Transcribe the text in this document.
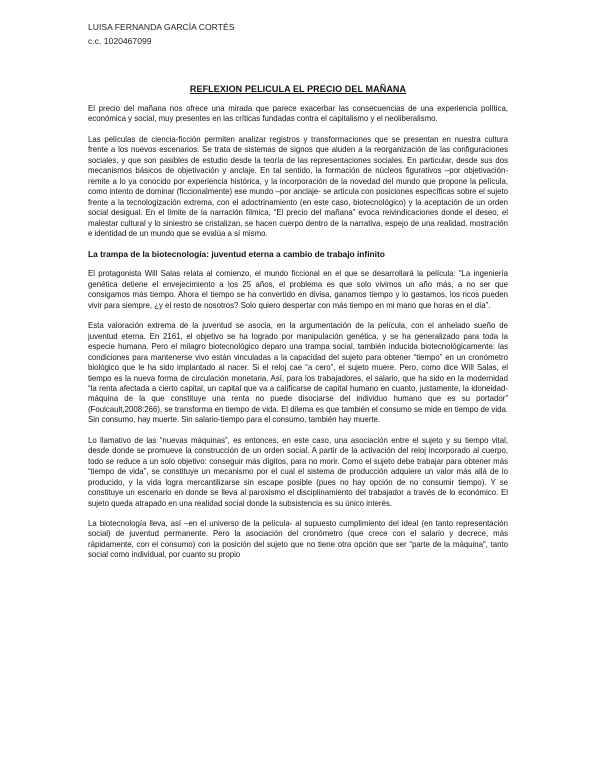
LUISA FERNANDA GARCÍA CORTÉS
c.c. 1020467099
REFLEXION PELICULA EL PRECIO DEL MAÑANA

El precio del mañana nos ofrece una mirada que parece exacerbar las consecuencias de una experiencia política, económica y social, muy presentes en las críticas fundadas contra el capitalismo y el neoliberalismo.

Las películas de ciencia-ficción permiten analizar registros y transformaciones que se presentan en nuestra cultura frente a los nuevos escenarios. Se trata de sistemas de signos que aluden a la reorganización de las configuraciones sociales, y que son pasibles de estudio desde la teoría de las representaciones sociales. En particular, desde sus dos mecanismos básicos de objetivación y anclaje. En tal sentido, la formación de núcleos figurativos –por objetivación- remite a lo ya conocido por experiencia histórica, y la incorporación de la novedad del mundo que propone la película, como intento de dominar (ficcionalmente) ese mundo –por anclaje- se articula con posiciones específicas sobre el sujeto frente a la tecnologización extrema, con el adoctrinamiento (en este caso, biotecnológico) y la aceptación de un orden social desigual. En el límite de la narración fílmica, “El precio del mañana” evoca reivindicaciones donde el deseo, el malestar cultural y lo siniestro se cristalizan, se hacen cuerpo dentro de la narrativa, espejo de una realidad, mostración e identidad de un mundo que se evalúa a sí mismo.

La trampa de la biotecnología: juventud eterna a cambio de trabajo infinito

El protagonista Will Salas relata al comienzo, el mundo ficcional en el que se desarrollará la película: “La ingeniería genética detiene el envejecimiento a los 25 años, el problema es que solo vivimos un año más, a no ser que consigamos más tiempo. Ahora el tiempo se ha convertido en divisa, ganamos tiempo y lo gastamos, los ricos pueden vivir para siempre, ¿y el resto de nosotros? Solo quiero despertar con más tiempo en mi mano que horas en el día”.

Esta valoración extrema de la juventud se asocia, en la argumentación de la película, con el anhelado sueño de juventud eterna. En 2161, el objetivo se ha logrado por manipulación genética, y se ha generalizado para toda la especie humana. Pero el milagro biotecnológico deparo una trampa social, también inducida biotecnológicamente: las condiciones para mantenerse vivo están vinculadas a la capacidad del sujeto para obtener “tiempo” en un cronómetro biológico que le ha sido implantado al nacer. Si el reloj cae “a cero”, el sujeto muere. Pero, como dice Will Salas, el tiempo es la nueva forma de circulación monetaria. Así, para los trabajadores, el salario, que ha sido en la modernidad “la renta afectada a cierto capital, un capital que va a calificarse de capital humano en cuanto, justamente, la idoneidad-máquina de la que constituye una renta no puede disociarse del individuo humano que es su portador” (Foulcault,2008:266), se transforma en tiempo de vida. El dilema es que también el consumo se mide en tiempo de vida. Sin consumo, hay muerte. Sin salario-tiempo para el consumo, también hay muerte.

Lo llamativo de las “nuevas máquinas”, es entonces, en este caso, una asociación entre el sujeto y su tiempo vital, desde donde se promueve la construcción de un orden social. A partir de la activación del reloj incorporado al cuerpo, todo se reduce a un solo objetivo: conseguir más dígitos, para no morir. Como el sujeto debe trabajar para obtener más “tiempo de vida”, se constituye un mecanismo por el cual el sistema de producción adquiere un valor más allá de lo producido, y la vida logra mercantilizarse sin escape posible (pues no hay opción de no consumir tiempo). Y se constituye un escenario en donde se lleva al paroxismo el disciplinamiento del trabajador a través de lo económico. El sujeto queda atrapado en una realidad social donde la subsistencia es su único interés.

La biotecnología lleva, así –en el universo de la película- al supuesto cumplimiento del ideal (en tanto representación social) de juventud permanente. Pero la asociación del cronómetro (que crece con el salario y decrece, más rápidamente, con el consumo) con la posición del sujeto que no tiene otra opción que ser “parte de la máquina”, tanto social como individual, por cuanto su propio
